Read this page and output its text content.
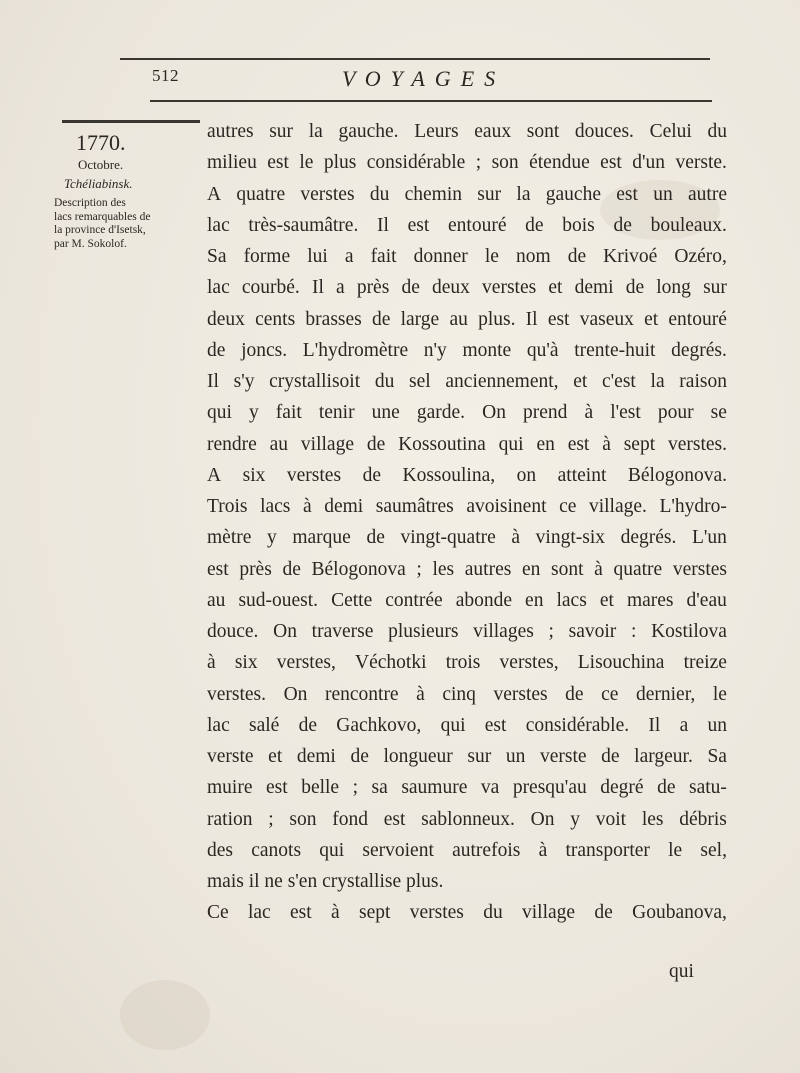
512	VOYAGES
1770.
Octobre.
Tchéliabinsk.

Description des
lacs remarquables de
la province d'Isetsk,
par M. Sokolof.

autres sur la gauche. Leurs eaux sont douces. Celui du
milieu est le plus considérable ; son étendue est d'un verste.
A quatre verstes du chemin sur la gauche est un autre
lac très-saumâtre. Il est entouré de bois de bouleaux.
Sa forme lui a fait donner le nom de Krivoé Ozéro,
lac courbé. Il a près de deux verstes et demi de long sur
deux cents brasses de large au plus. Il est vaseux et entouré
de joncs. L'hydromètre n'y monte qu'à trente-huit degrés.
Il s'y crystallisoit du sel anciennement, et c'est la raison
qui y fait tenir une garde. On prend à l'est pour se
rendre au village de Kossoutina qui en est à sept verstes.
A six verstes de Kossoulina, on atteint Bélogonova.
Trois lacs à demi saumâtres avoisinent ce village. L'hydro-
mètre y marque de vingt-quatre à vingt-six degrés. L'un
est près de Bélogonova ; les autres en sont à quatre verstes
au sud-ouest. Cette contrée abonde en lacs et mares d'eau
douce. On traverse plusieurs villages ; savoir : Kostilova
à six verstes, Véchotki trois verstes, Lisouchina treize
verstes. On rencontre à cinq verstes de ce dernier, le
lac salé de Gachkovo, qui est considérable. Il a un
verste et demi de longueur sur un verste de largeur. Sa
muire est belle ; sa saumure va presqu'au degré de satu-
ration ; son fond est sablonneux. On y voit les débris
des canots qui servoient autrefois à transporter le sel,
mais il ne s'en crystallise plus.
Ce lac est à sept verstes du village de Goubanova,
qui
